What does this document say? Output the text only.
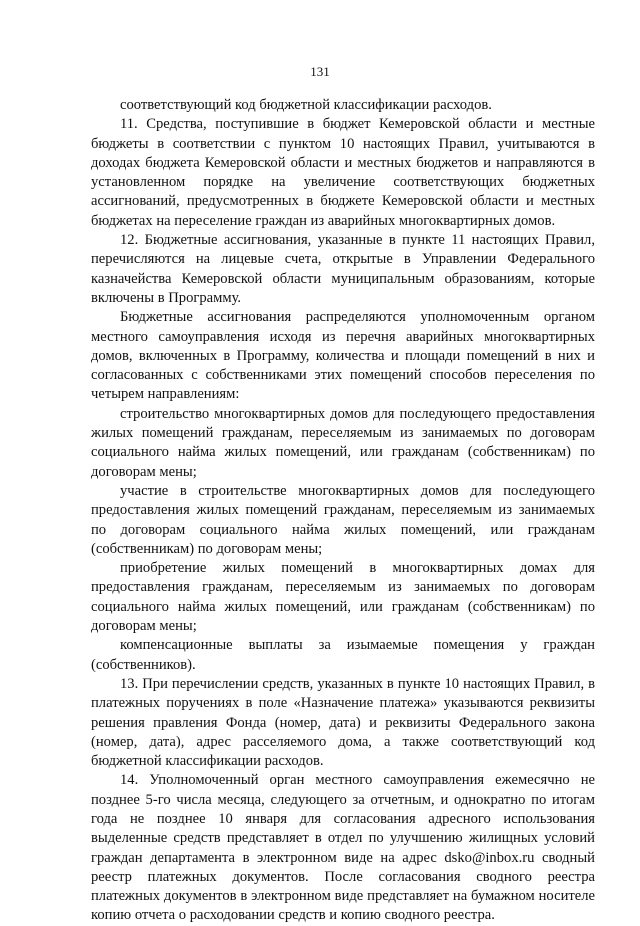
131

соответствующий код бюджетной классификации расходов.

11. Средства, поступившие в бюджет Кемеровской области и местные бюджеты в соответствии с пунктом 10 настоящих Правил, учитываются в доходах бюджета Кемеровской области и местных бюджетов и направляются в установленном порядке на увеличение соответствующих бюджетных ассигнований, предусмотренных в бюджете Кемеровской области и местных бюджетах на переселение граждан из аварийных многоквартирных домов.

12. Бюджетные ассигнования, указанные в пункте 11 настоящих Правил, перечисляются на лицевые счета, открытые в Управлении Федерального казначейства Кемеровской области муниципальным образованиям, которые включены в Программу.

Бюджетные ассигнования распределяются уполномоченным органом местного самоуправления исходя из перечня аварийных многоквартирных домов, включенных в Программу, количества и площади помещений в них и согласованных с собственниками этих помещений способов переселения по четырем направлениям:

строительство многоквартирных домов для последующего предоставления жилых помещений гражданам, переселяемым из занимаемых по договорам социального найма жилых помещений, или гражданам (собственникам) по договорам мены;

участие в строительстве многоквартирных домов для последующего предоставления жилых помещений гражданам, переселяемым из занимаемых по договорам социального найма жилых помещений, или гражданам (собственникам) по договорам мены;

приобретение жилых помещений в многоквартирных домах для предоставления гражданам, переселяемым из занимаемых по договорам социального найма жилых помещений, или гражданам (собственникам) по договорам мены;

компенсационные выплаты за изымаемые помещения у граждан (собственников).

13. При перечислении средств, указанных в пункте 10 настоящих Правил, в платежных поручениях в поле «Назначение платежа» указываются реквизиты решения правления Фонда (номер, дата) и реквизиты Федерального закона (номер, дата), адрес расселяемого дома, а также соответствующий код бюджетной классификации расходов.

14. Уполномоченный орган местного самоуправления ежемесячно не позднее 5-го числа месяца, следующего за отчетным, и однократно по итогам года не позднее 10 января для согласования адресного использования выделенные средств представляет в отдел по улучшению жилищных условий граждан департамента в электронном виде на адрес dsko@inbox.ru сводный реестр платежных документов. После согласования сводного реестра платежных документов в электронном виде представляет на бумажном носителе копию отчета о расходовании средств и копию сводного реестра.
